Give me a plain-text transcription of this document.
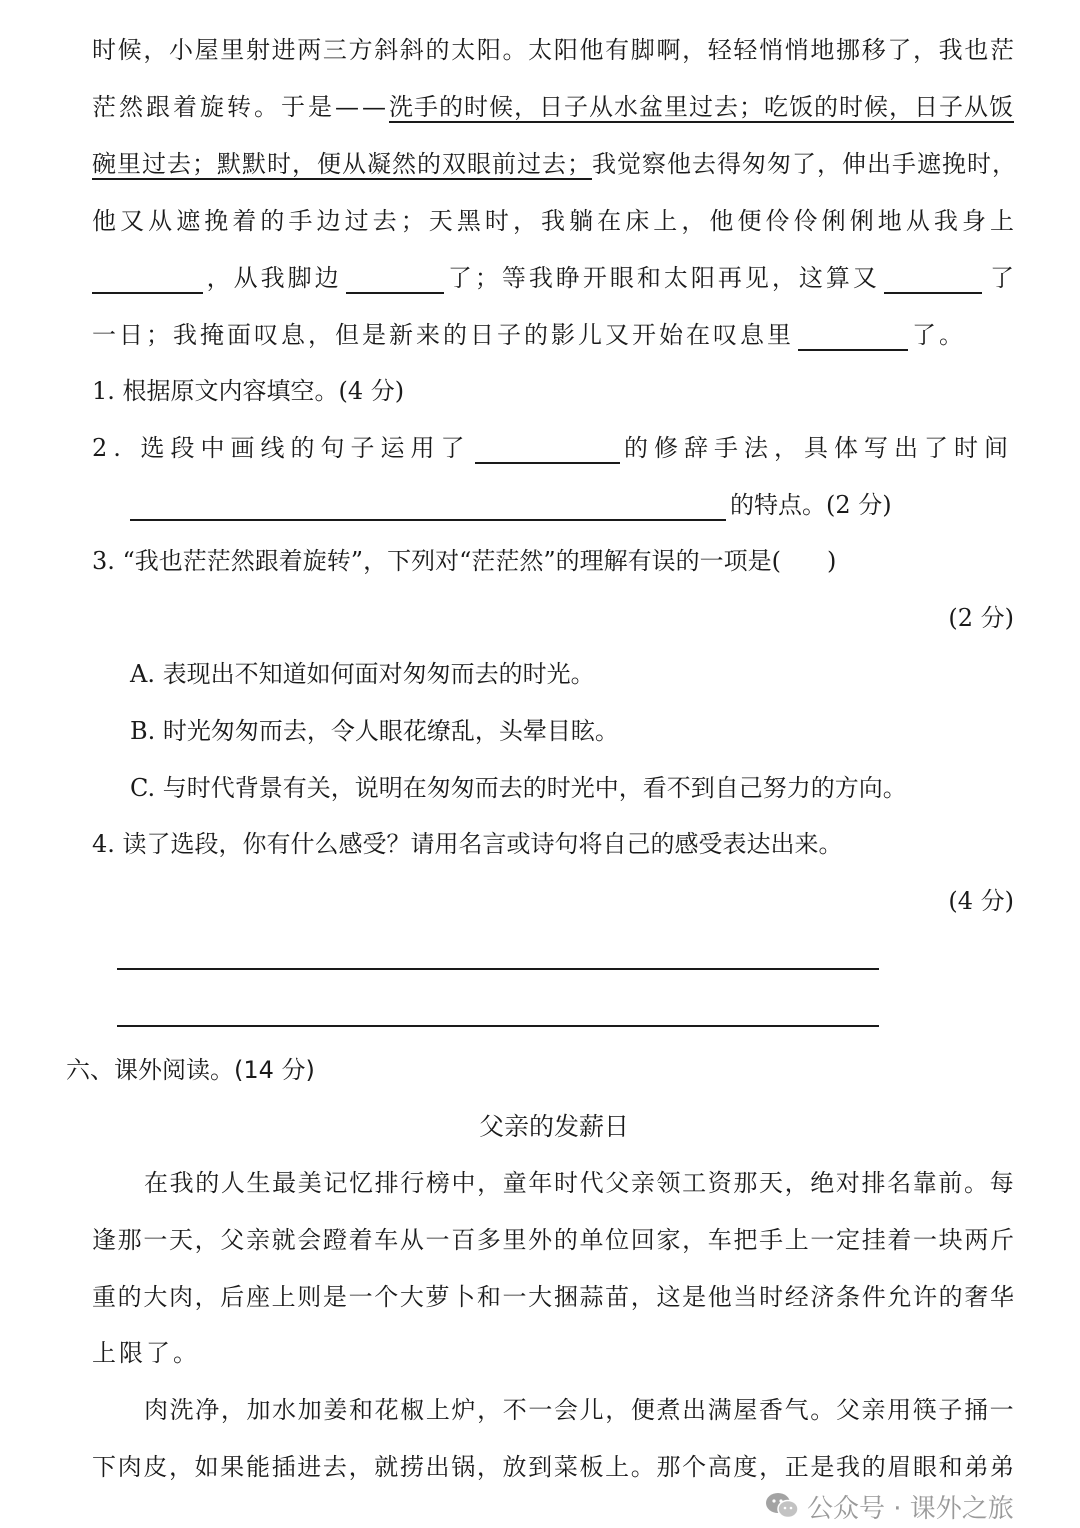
时 候 ， 小 屋 里 射 进 两 三 方 斜 斜 的 太 阳 。 太 阳 他 有 脚 啊 ， 轻 轻 悄 悄 地 挪 移 了 ， 我 也 茫
茫然跟着旋转。于是—— 洗手的时候，日子从水盆里过去；吃饭的时候，日子从饭
碗里过去；默默时，便从凝然的双眼前过去； 我觉察他去得匆匆了，伸出手遮挽时，
他 又 从 遮 挽 着 的 手 边 过 去 ； 天 黑 时 ， 我 躺 在 床 上 ， 他 便 伶 伶 俐 俐 地 从 我 身 上
，从我脚边	了；等我睁开眼和太阳再见，这算又	了
一日；我掩面叹息，但是新来的日子的影儿又开始在叹息里	了。
1. 根据原文内容填空。(4 分)
2. 选段中画线的句子运用了	的修辞手法，具体写出了时间
的特点。(2 分)
3. “我也茫茫然跟着旋转”，下列对“茫茫然”的理解有误的一项是( )
(2 分)
A. 表现出不知道如何面对匆匆而去的时光。
B. 时光匆匆而去，令人眼花缭乱，头晕目眩。
C. 与时代背景有关，说明在匆匆而去的时光中，看不到自己努力的方向。
4. 读了选段，你有什么感受？请用名言或诗句将自己的感受表达出来。
(4 分)
六、课外阅读。(14 分)
父亲的发薪日
在 我 的 人 生 最 美 记 忆 排 行 榜 中 ， 童 年 时 代 父 亲 领 工 资 那 天 ， 绝 对 排 名 靠 前 。 每
逢 那 一 天 ， 父 亲 就 会 蹬 着 车 从 一 百 多 里 外 的 单 位 回 家 ， 车 把 手 上 一 定 挂 着 一 块 两 斤
重 的 大 肉 ， 后 座 上 则 是 一 个 大 萝 卜 和 一 大 捆 蒜 苗 ， 这 是 他 当 时 经 济 条 件 允 许 的 奢 华
上限了。
肉 洗 净 ， 加 水 加 姜 和 花 椒 上 炉 ， 不 一 会 儿 ， 便 煮 出 满 屋 香 气 。 父 亲 用 筷 子 捅 一
下 肉 皮 ， 如 果 能 插 进 去 ， 就 捞 出 锅 ， 放 到 菜 板 上 。 那 个 高 度 ， 正 是 我 的 眉 眼 和 弟 弟
公众号 · 课外之旅
